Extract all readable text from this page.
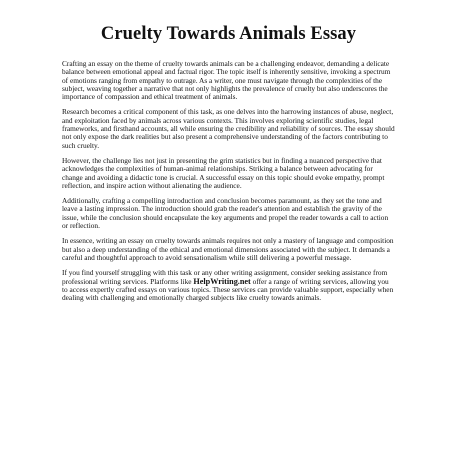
Cruelty Towards Animals Essay

Crafting an essay on the theme of cruelty towards animals can be a challenging endeavor, demanding a delicate balance between emotional appeal and factual rigor. The topic itself is inherently sensitive, invoking a spectrum of emotions ranging from empathy to outrage. As a writer, one must navigate through the complexities of the subject, weaving together a narrative that not only highlights the prevalence of cruelty but also underscores the importance of compassion and ethical treatment of animals.

Research becomes a critical component of this task, as one delves into the harrowing instances of abuse, neglect, and exploitation faced by animals across various contexts. This involves exploring scientific studies, legal frameworks, and firsthand accounts, all while ensuring the credibility and reliability of sources. The essay should not only expose the dark realities but also present a comprehensive understanding of the factors contributing to such cruelty.

However, the challenge lies not just in presenting the grim statistics but in finding a nuanced perspective that acknowledges the complexities of human-animal relationships. Striking a balance between advocating for change and avoiding a didactic tone is crucial. A successful essay on this topic should evoke empathy, prompt reflection, and inspire action without alienating the audience.

Additionally, crafting a compelling introduction and conclusion becomes paramount, as they set the tone and leave a lasting impression. The introduction should grab the reader's attention and establish the gravity of the issue, while the conclusion should encapsulate the key arguments and propel the reader towards a call to action or reflection.

In essence, writing an essay on cruelty towards animals requires not only a mastery of language and composition but also a deep understanding of the ethical and emotional dimensions associated with the subject. It demands a careful and thoughtful approach to avoid sensationalism while still delivering a powerful message.

If you find yourself struggling with this task or any other writing assignment, consider seeking assistance from professional writing services. Platforms like HelpWriting.net offer a range of writing services, allowing you to access expertly crafted essays on various topics. These services can provide valuable support, especially when dealing with challenging and emotionally charged subjects like cruelty towards animals.
